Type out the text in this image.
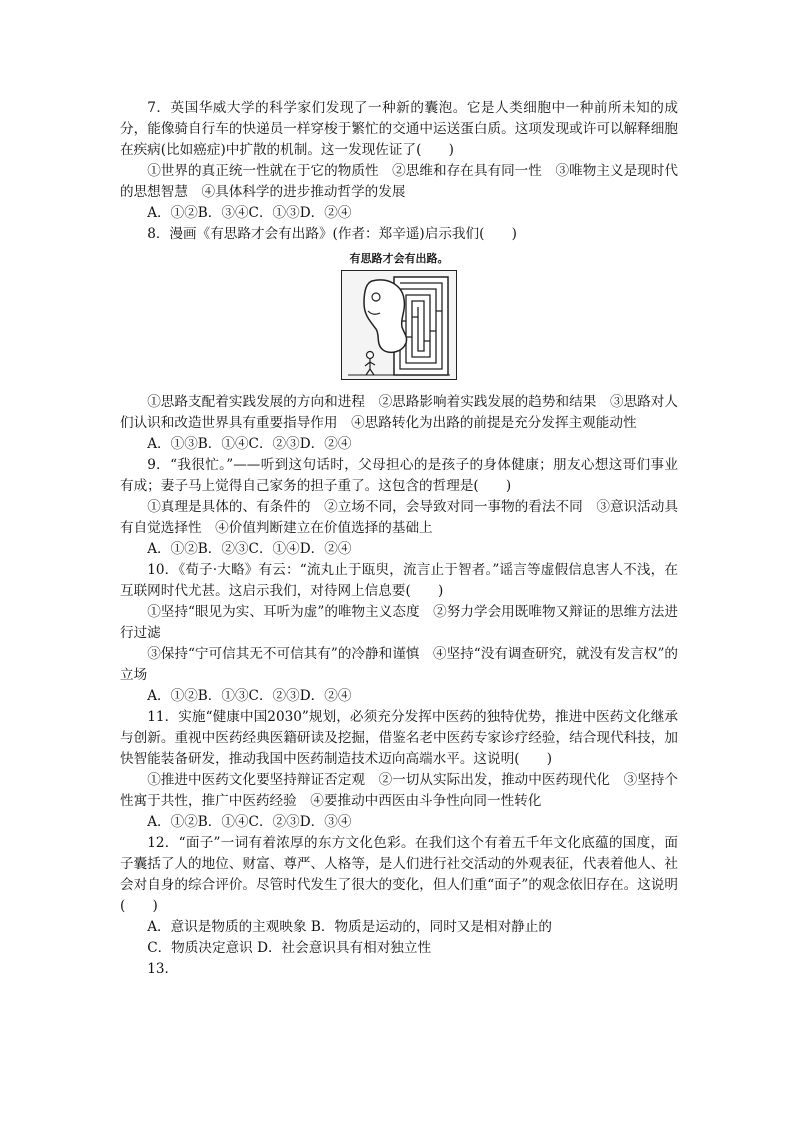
7．英国华威大学的科学家们发现了一种新的囊泡。它是人类细胞中一种前所未知的成分，能像骑自行车的快递员一样穿梭于繁忙的交通中运送蛋白质。这项发现或许可以解释细胞在疾病(比如癌症)中扩散的机制。这一发现佐证了(　　)

①世界的真正统一性就在于它的物质性　②思维和存在具有同一性　③唯物主义是现时代的思想智慧　④具体科学的进步推动哲学的发展

A．①②B．③④C．①③D．②④

8．漫画《有思路才会有出路》(作者：郑辛遥)启示我们(　　)

有思路才会有出路。

①思路支配着实践发展的方向和进程　②思路影响着实践发展的趋势和结果　③思路对人们认识和改造世界具有重要指导作用　④思路转化为出路的前提是充分发挥主观能动性

A．①③B．①④C．②③D．②④

9．“我很忙。”——听到这句话时，父母担心的是孩子的身体健康；朋友心想这哥们事业有成；妻子马上觉得自己家务的担子重了。这包含的哲理是(　　)

①真理是具体的、有条件的　②立场不同，会导致对同一事物的看法不同　③意识活动具有自觉选择性　④价值判断建立在价值选择的基础上

A．①②B．②③C．①④D．②④

10．《荀子·大略》有云：“流丸止于瓯臾，流言止于智者。”谣言等虚假信息害人不浅，在互联网时代尤甚。这启示我们，对待网上信息要(　　)

①坚持“眼见为实、耳听为虚”的唯物主义态度　②努力学会用既唯物又辩证的思维方法进行过滤

③保持“宁可信其无不可信其有”的冷静和谨慎　④坚持“没有调查研究，就没有发言权”的立场

A．①②B．①③C．②③D．②④

11．实施“健康中国2030”规划，必须充分发挥中医药的独特优势，推进中医药文化继承与创新。重视中医药经典医籍研读及挖掘，借鉴名老中医药专家诊疗经验，结合现代科技，加快智能装备研发，推动我国中医药制造技术迈向高端水平。这说明(　　)

①推进中医药文化要坚持辩证否定观　②一切从实际出发，推动中医药现代化　③坚持个性寓于共性，推广中医药经验　④要推动中西医由斗争性向同一性转化

A．①②B．①④C．②③D．③④

12．“面子”一词有着浓厚的东方文化色彩。在我们这个有着五千年文化底蕴的国度，面子囊括了人的地位、财富、尊严、人格等，是人们进行社交活动的外观表征，代表着他人、社会对自身的综合评价。尽管时代发生了很大的变化，但人们重“面子”的观念依旧存在。这说明(　　)

A．意识是物质的主观映象 B．物质是运动的，同时又是相对静止的

C．物质决定意识 D．社会意识具有相对独立性

13．
